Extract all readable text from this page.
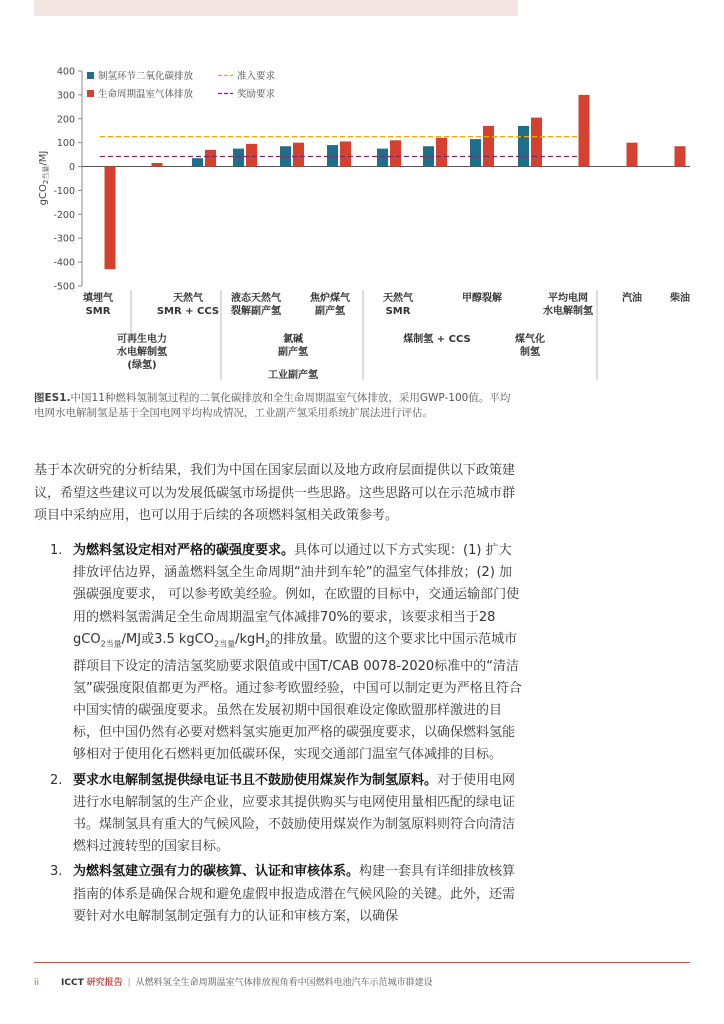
gCO$_{2当量}$/MJ
400
300
200
100
0
-100
-200
-300
-400
-500
制氢环节二氧化碳排放
生命周期温室气体排放
准入要求
奖励要求
填埋气
SMR
天然气
SMR + CCS
液态天然气
裂解副产氢
焦炉煤气
副产氢
天然气
SMR
甲醇裂解	平均电网
水电解制氢
汽油	柴油
可再生电力
水电解制氢
(绿氢)
氯碱
副产氢
工业副产氢
煤制氢 + CCS	煤气化
制氢
图ES1.中国11种燃料氢制氢过程的二氧化碳排放和全生命周期温室气体排放，采用GWP-100值。平均电网水电解制氢是基于全国电网平均构成情况，工业副产氢采用系统扩展法进行评估。
基于本次研究的分析结果，我们为中国在国家层面以及地方政府层面提供以下政策建议，希望这些建议可以为发展低碳氢市场提供一些思路。这些思路可以在示范城市群项目中采纳应用，也可以用于后续的各项燃料氢相关政策参考。
1. 为燃料氢设定相对严格的碳强度要求。具体可以通过以下方式实现：(1) 扩大排放评估边界，涵盖燃料氢全生命周期“油井到车轮”的温室气体排放；(2) 加强碳强度要求， 可以参考欧美经验。例如，在欧盟的目标中，交通运输部门使用的燃料氢需满足全生命周期温室气体减排70%的要求，该要求相当于28 gCO$_{2当量}$/MJ或3.5 kgCO$_{2当量}$/kgH$_2$的排放量。欧盟的这个要求比中国示范城市群项目下设定的清洁氢奖励要求限值或中国T/CAB 0078-2020标准中的“清洁氢”碳强度限值都更为严格。通过参考欧盟经验，中国可以制定更为严格且符合中国实情的碳强度要求。虽然在发展初期中国很难设定像欧盟那样激进的目标，但中国仍然有必要对燃料氢实施更加严格的碳强度要求，以确保燃料氢能够相对于使用化石燃料更加低碳环保，实现交通部门温室气体减排的目标。
2. 要求水电解制氢提供绿电证书且不鼓励使用煤炭作为制氢原料。对于使用电网进行水电解制氢的生产企业，应要求其提供购买与电网使用量相匹配的绿电证书。煤制氢具有重大的气候风险，不鼓励使用煤炭作为制氢原料则符合向清洁燃料过渡转型的国家目标。
3. 为燃料氢建立强有力的碳核算、认证和审核体系。构建一套具有详细排放核算指南的体系是确保合规和避免虚假申报造成潜在气候风险的关键。此外，还需要针对水电解制氢制定强有力的认证和审核方案，以确保
ii ICCT 研究报告 | 从燃料氢全生命周期温室气体排放视角看中国燃料电池汽车示范城市群建设
